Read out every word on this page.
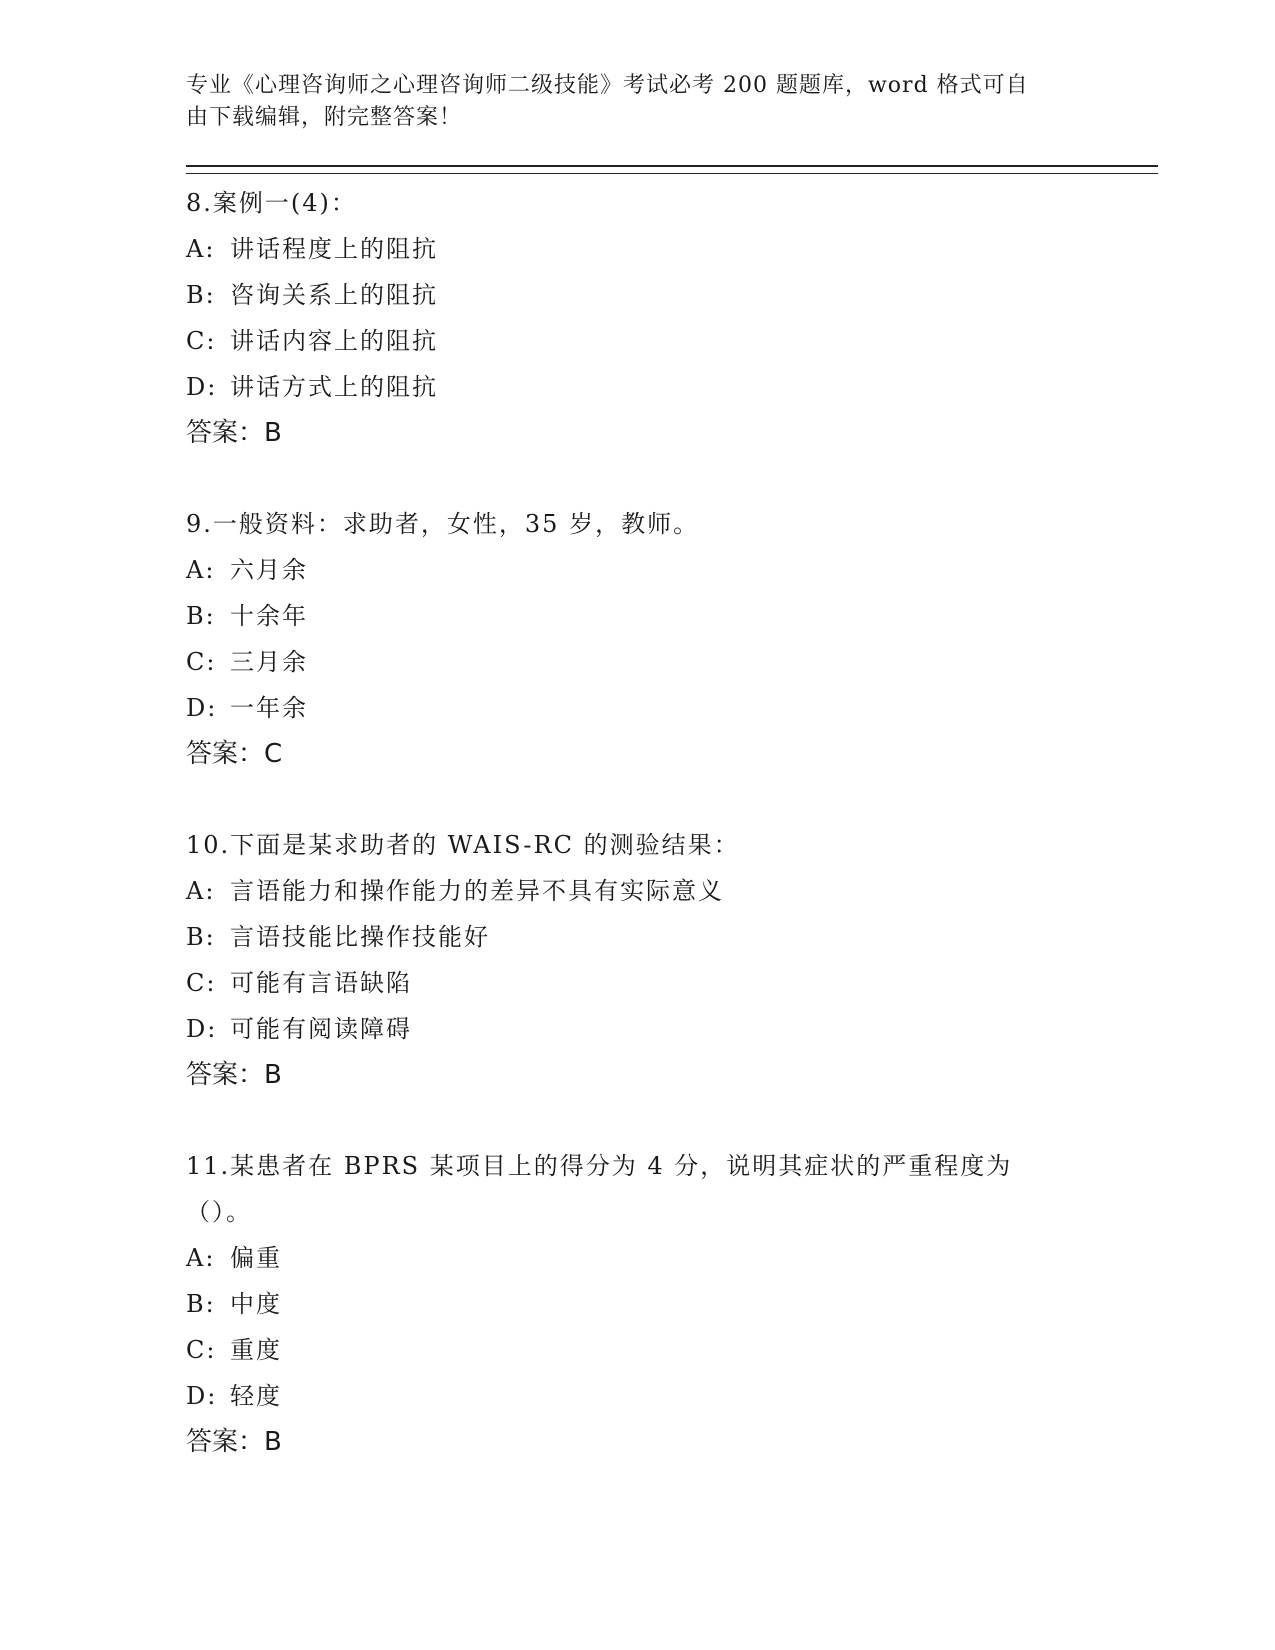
专业《心理咨询师之心理咨询师二级技能》考试必考 200 题题库，word 格式可自

由下载编辑，附完整答案！

8.案例一(4)：

A: 讲话程度上的阻抗

B: 咨询关系上的阻抗

C: 讲话内容上的阻抗

D: 讲话方式上的阻抗

答案：B

9.一般资料：求助者，女性，35 岁，教师。

A: 六月余

B: 十余年

C: 三月余

D: 一年余

答案：C

10.下面是某求助者的 WAIS-RC 的测验结果：

A: 言语能力和操作能力的差异不具有实际意义

B: 言语技能比操作技能好

C: 可能有言语缺陷

D: 可能有阅读障碍

答案：B

11.某患者在 BPRS 某项目上的得分为 4 分，说明其症状的严重程度为

（）。

A: 偏重

B: 中度

C: 重度

D: 轻度

答案：B
